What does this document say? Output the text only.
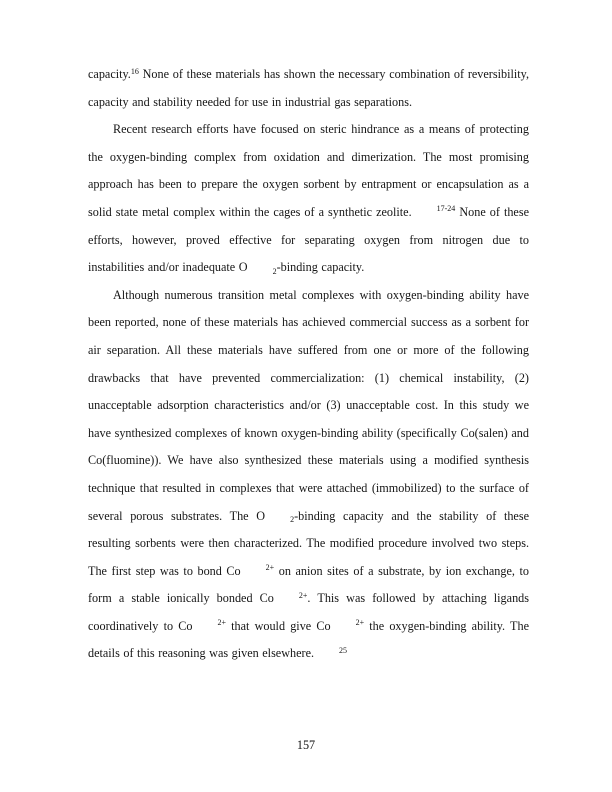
capacity.16 None of these materials has shown the necessary combination of reversibility, capacity and stability needed for use in industrial gas separations.

Recent research efforts have focused on steric hindrance as a means of protecting the oxygen-binding complex from oxidation and dimerization. The most promising approach has been to prepare the oxygen sorbent by entrapment or encapsulation as a solid state metal complex within the cages of a synthetic zeolite.	17-24 None of these efforts, however, proved effective for separating oxygen from nitrogen due to instabilities and/or inadequate O	2-binding capacity.

Although numerous transition metal complexes with oxygen-binding ability have been reported, none of these materials has achieved commercial success as a sorbent for air separation. All these materials have suffered from one or more of the following drawbacks that have prevented commercialization: (1) chemical instability, (2) unacceptable adsorption characteristics and/or (3) unacceptable cost. In this study we have synthesized complexes of known oxygen-binding ability (specifically Co(salen) and Co(fluomine)). We have also synthesized these materials using a modified synthesis technique that resulted in complexes that were attached (immobilized) to the surface of several porous substrates. The O	2-binding capacity and the stability of these resulting sorbents were then characterized. The modified procedure involved two steps. The first step was to bond Co	2+ on anion sites of a substrate, by ion exchange, to form a stable ionically bonded Co	2+. This was followed by attaching ligands coordinatively to Co	2+ that would give Co	2+ the oxygen-binding ability. The details of this reasoning was given elsewhere.	25

157
